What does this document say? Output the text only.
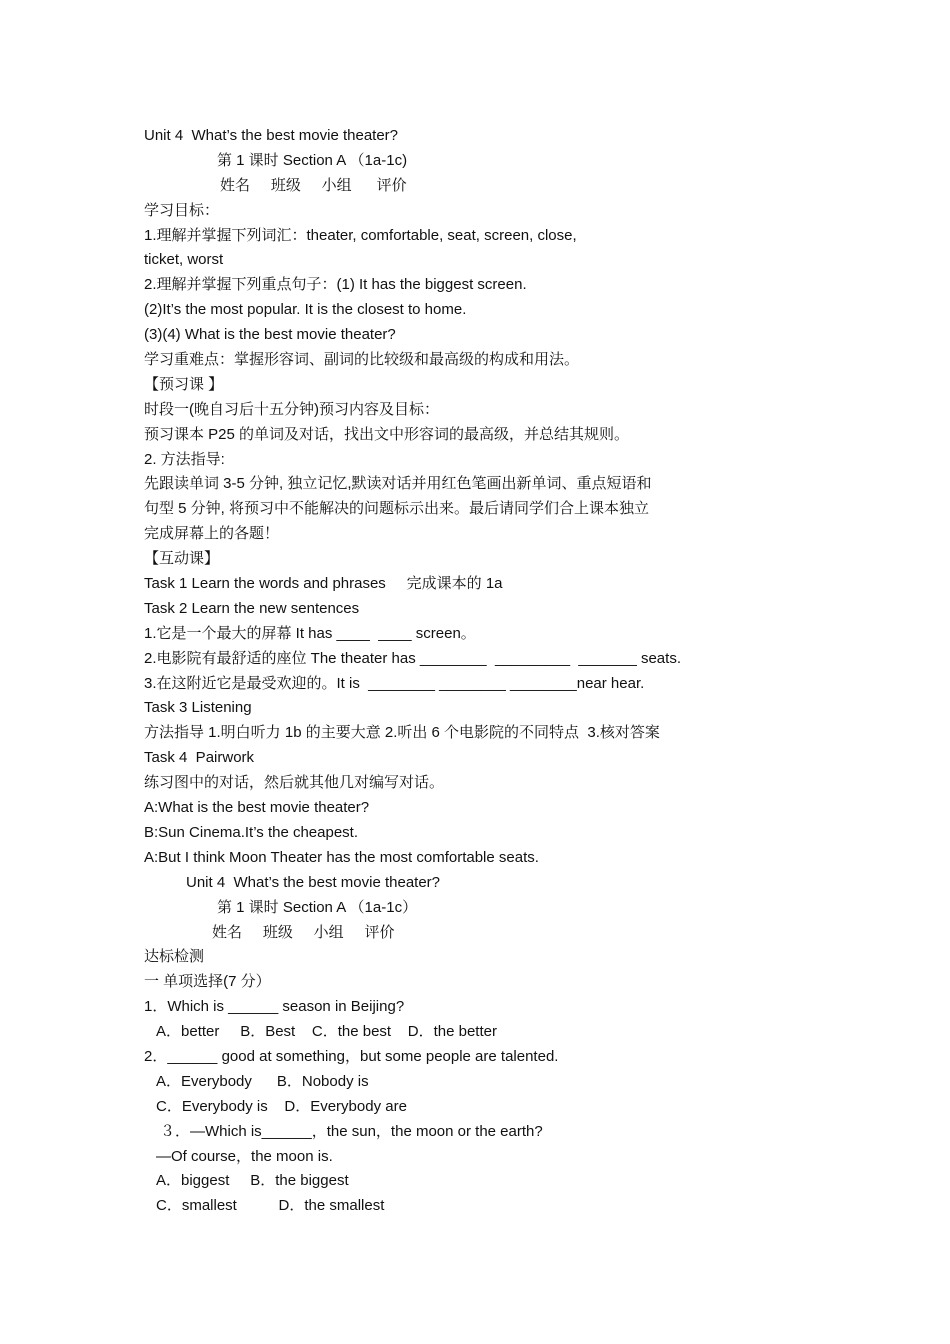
Unit 4  What’s the best movie theater?
第 1 课时 Section A （1a-1c)
姓名     班级     小组      评价
学习目标：
1.理解并掌握下列词汇：theater, comfortable, seat, screen, close,
ticket, worst
2.理解并掌握下列重点句子：(1) It has the biggest screen.
(2)It’s the most popular. It is the closest to home.
(3)(4) What is the best movie theater?
学习重难点：掌握形容词、副词的比较级和最高级的构成和用法。
【预习课 】
时段一(晚自习后十五分钟)预习内容及目标：
预习课本 P25 的单词及对话，找出文中形容词的最高级，并总结其规则。
2. 方法指导:
先跟读单词 3-5 分钟, 独立记忆,默读对话并用红色笔画出新单词、重点短语和
句型 5 分钟, 将预习中不能解决的问题标示出来。最后请同学们合上课本独立
完成屏幕上的各题！
【互动课】
Task 1 Learn the words and phrases     完成课本的 1a
Task 2 Learn the new sentences
1.它是一个最大的屏幕 It has ____  ____ screen。
2.电影院有最舒适的座位 The theater has ________  _________  _______ seats.
3.在这附近它是最受欢迎的。It is  ________ ________ ________near hear.
Task 3 Listening
方法指导 1.明白听力 1b 的主要大意 2.听出 6 个电影院的不同特点  3.核对答案
Task 4  Pairwork
练习图中的对话，然后就其他几对编写对话。
A:What is the best movie theater?
B:Sun Cinema.It’s the cheapest.
A:But I think Moon Theater has the most comfortable seats.
Unit 4  What’s the best movie theater?
第 1 课时 Section A （1a-1c）
姓名     班级     小组     评价
达标检测
一 单项选择(7 分）
1．Which is ______ season in Beijing?
A．better     B．Best    C．the best    D．the better
2．______ good at something，but some people are talented.
A．Everybody      B．Nobody is
C．Everybody is    D．Everybody are
３．—Which is______，the sun，the moon or the earth?
—Of course，the moon is.
A．biggest     B．the biggest
C．smallest          D．the smallest
